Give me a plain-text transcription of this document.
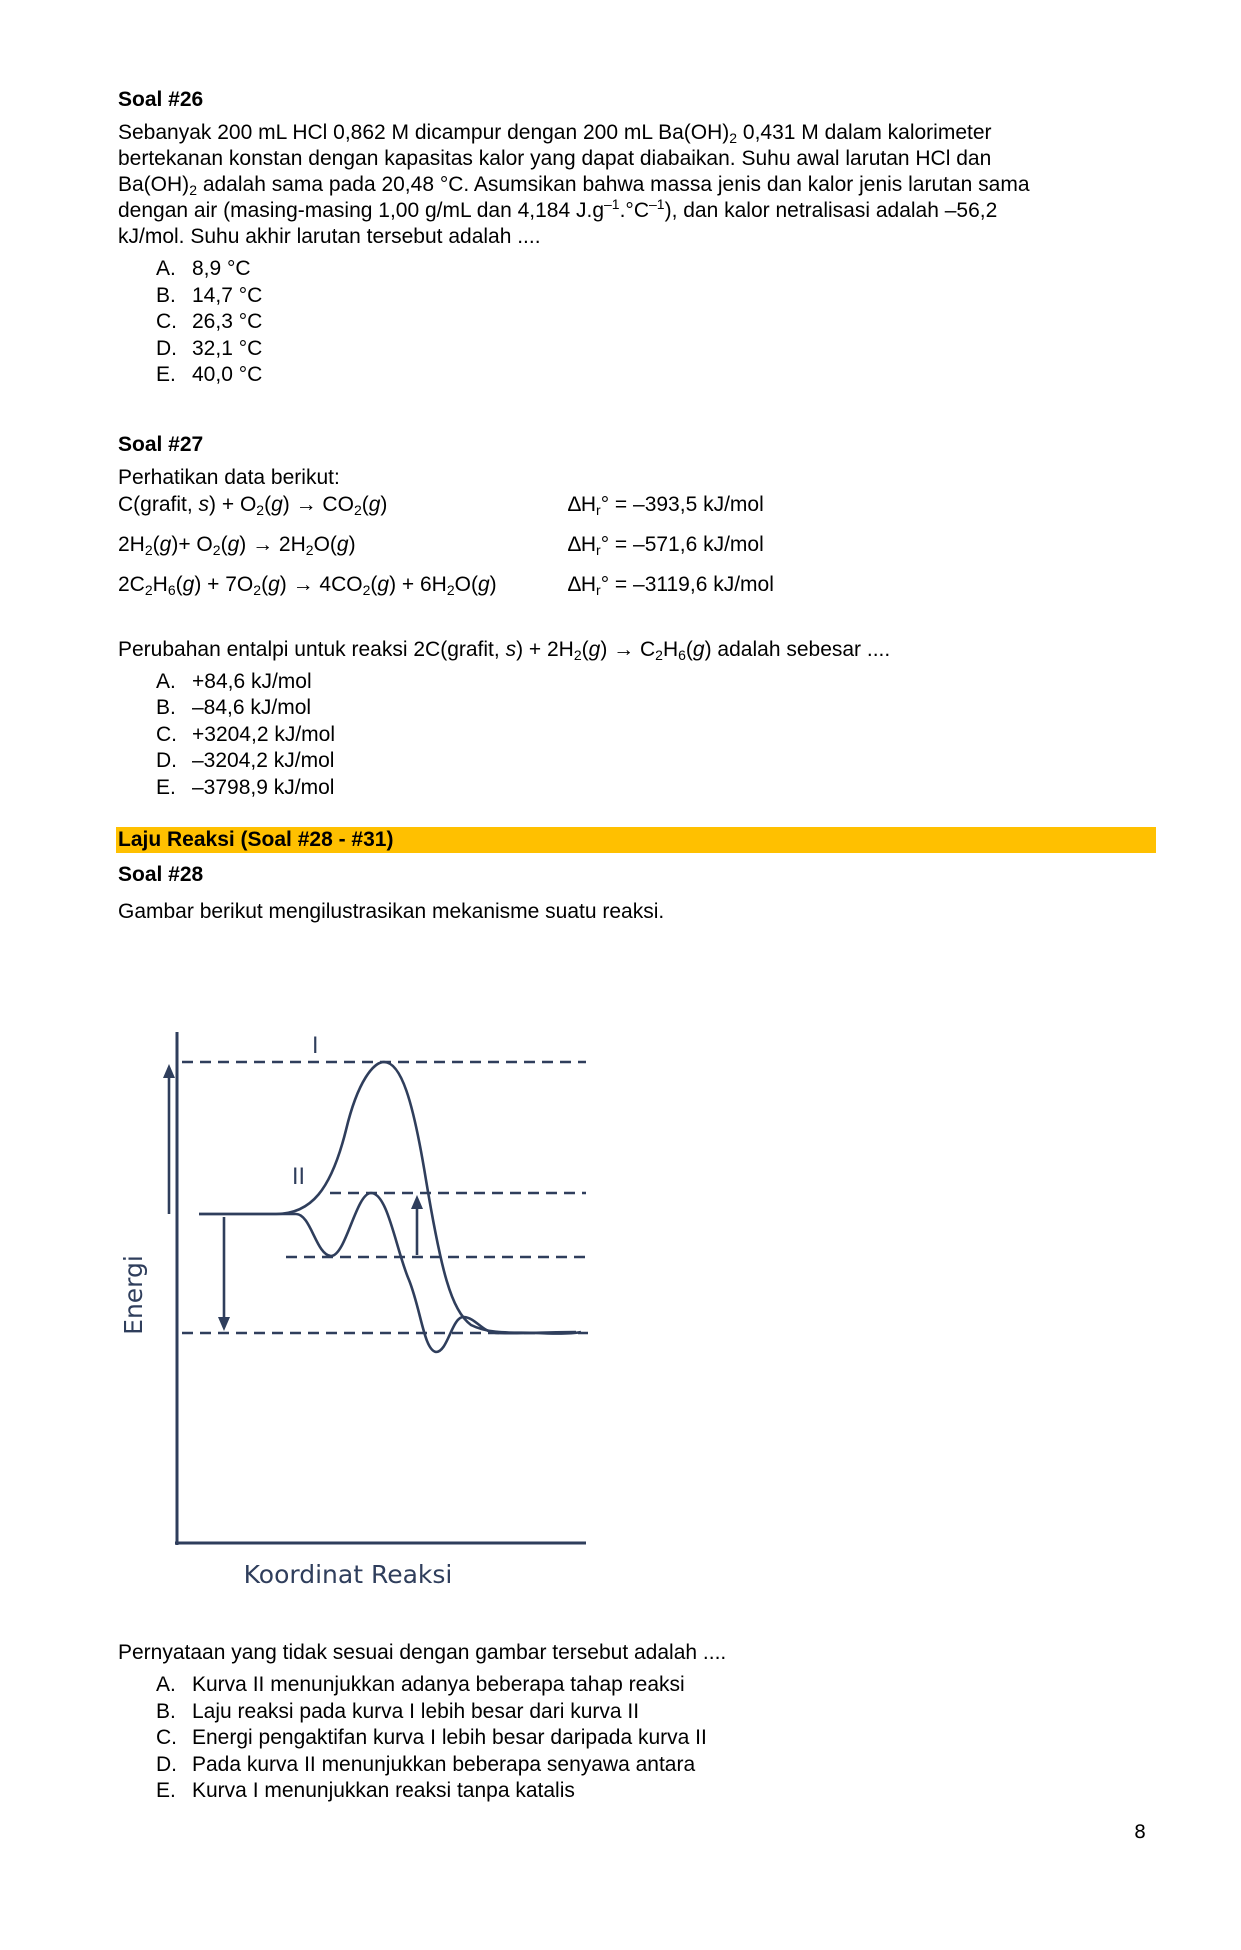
Soal #26

Sebanyak 200 mL HCl 0,862 M dicampur dengan 200 mL $Ba(OH)_2$ 0,431 M dalam kalorimeter
bertekanan konstan dengan kapasitas kalor yang dapat diabaikan. Suhu awal larutan HCl dan
$Ba(OH)_2$ adalah sama pada 20,48 °C. Asumsikan bahwa massa jenis dan kalor jenis larutan sama
dengan air (masing-masing 1,00 g/mL dan 4,184 $J.g^{-1}.^\circ C^{-1}$), dan kalor netralisasi adalah –56,2
kJ/mol. Suhu akhir larutan tersebut adalah ....

A. 8,9 °C
B. 14,7 °C
C. 26,3 °C
D. 32,1 °C
E. 40,0 °C
Soal #27

Perhatikan data berikut:

C(grafit, $s) + O_2(g) \to CO_2(g)$	$\Delta H_r^\circ = -393,5$ kJ/mol
$2H_2(g)+ O_2(g) \to 2H_2O(g)$	$\Delta H_r^\circ = -571,6$ kJ/mol
$2C_2H_6(g) + 7O_2(g) \to 4CO_2(g) + 6H_2O(g)$	$\Delta H_r^\circ = -3119,6$ kJ/mol

Perubahan entalpi untuk reaksi 2C(grafit, $s) + 2H_2(g) \to C_2H_6(g)$ adalah sebesar ....

A. +84,6 kJ/mol
B. –84,6 kJ/mol
C. +3204,2 kJ/mol
D. –3204,2 kJ/mol
E. –3798,9 kJ/mol
Laju Reaksi (Soal #28 - #31)
Soal #28

Gambar berikut mengilustrasikan mekanisme suatu reaksi.

I
II
Energi
Koordinat Reaksi

Pernyataan yang tidak sesuai dengan gambar tersebut adalah ....

A. Kurva II menunjukkan adanya beberapa tahap reaksi
B. Laju reaksi pada kurva I lebih besar dari kurva II
C. Energi pengaktifan kurva I lebih besar daripada kurva II
D. Pada kurva II menunjukkan beberapa senyawa antara
E. Kurva I menunjukkan reaksi tanpa katalis
8
